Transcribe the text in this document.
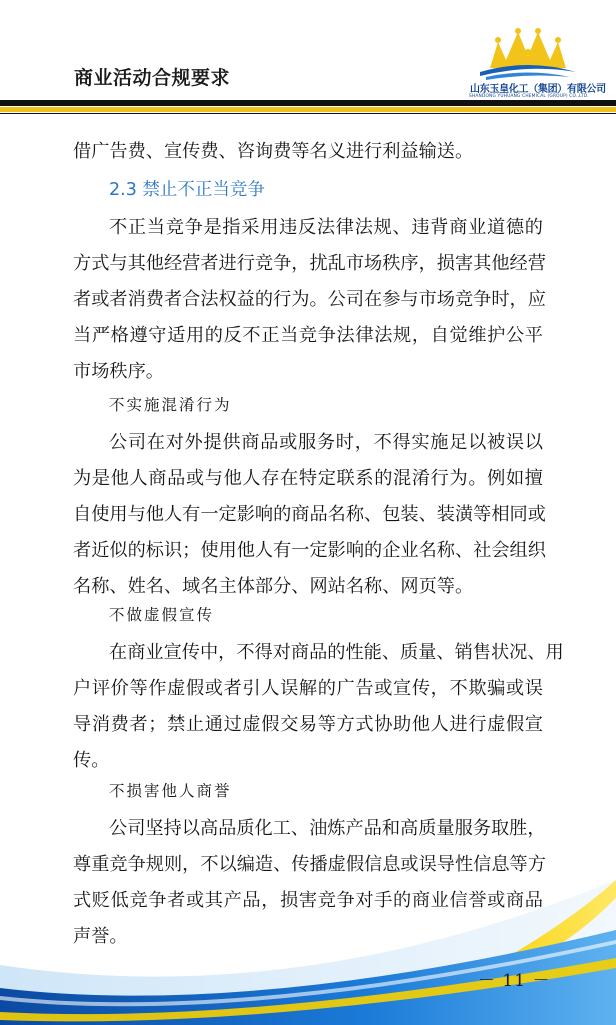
商业活动合规要求
山东玉皇化工（集团）有限公司
SHANDONG YUHUANG CHEMICAL (GROUP) CO.,LTD.
借广告费、宣传费、咨询费等名义进行利益输送。
2.3 禁止不正当竞争
不正当竞争是指采用违反法律法规、违背商业道德的
方式与其他经营者进行竞争，扰乱市场秩序，损害其他经营
者或者消费者合法权益的行为。公司在参与市场竞争时，应
当严格遵守适用的反不正当竞争法律法规，自觉维护公平
市场秩序。
不实施混淆行为
公司在对外提供商品或服务时，不得实施足以被误以
为是他人商品或与他人存在特定联系的混淆行为。例如擅
自使用与他人有一定影响的商品名称、包装、装潢等相同或
者近似的标识；使用他人有一定影响的企业名称、社会组织
名称、姓名、域名主体部分、网站名称、网页等。
不做虚假宣传
在商业宣传中，不得对商品的性能、质量、销售状况、用
户评价等作虚假或者引人误解的广告或宣传，不欺骗或误
导消费者；禁止通过虚假交易等方式协助他人进行虚假宣
传。
不损害他人商誉
公司坚持以高品质化工、油炼产品和高质量服务取胜，
尊重竞争规则，不以编造、传播虚假信息或误导性信息等方
式贬低竞争者或其产品，损害竞争对手的商业信誉或商品
声誉。
－ 11 －
